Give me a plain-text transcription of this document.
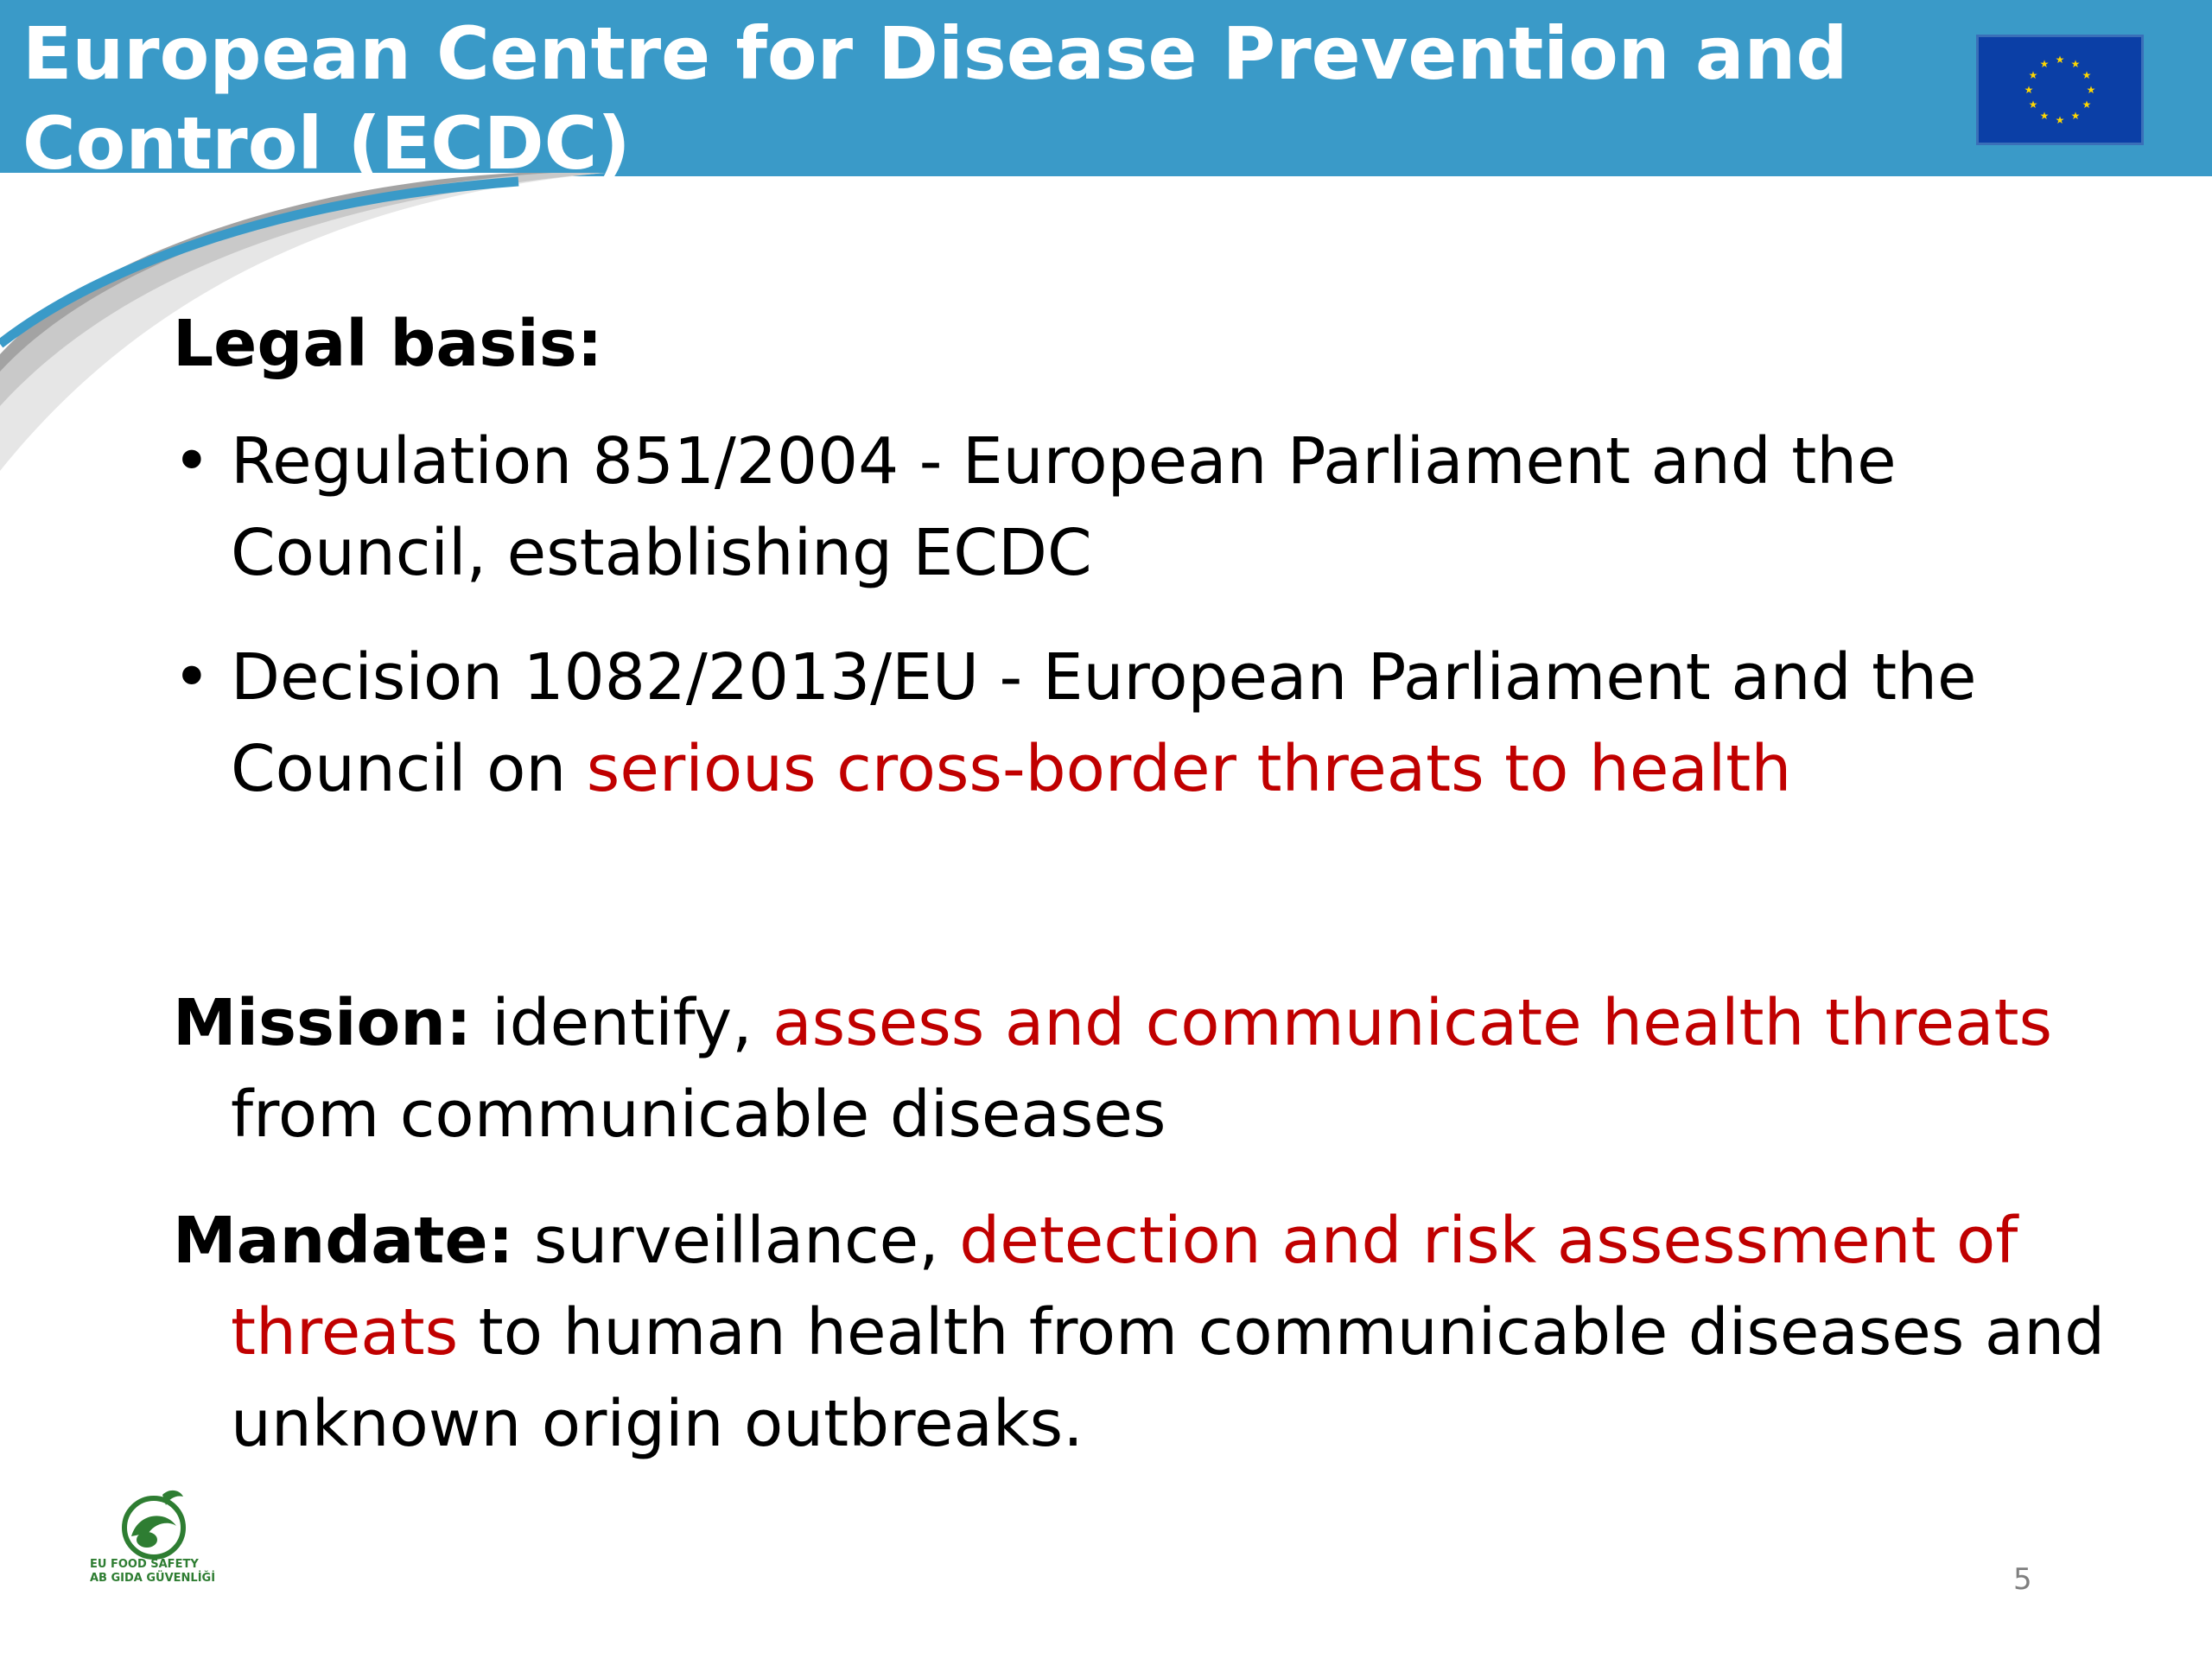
European Centre for Disease Prevention and Control (ECDC)
★ ★
★
★
★
★
★
★
★
★
★
★

Legal basis:

• Regulation 851/2004 - European Parliament and the Council, establishing ECDC
• Decision 1082/2013/EU - European Parliament and the Council on serious cross-border threats to health

Mission: identify, assess and communicate health threats from communicable diseases

Mandate: surveillance, detection and risk assessment of threats to human health from communicable diseases and unknown origin outbreaks.

EU FOOD SAFETY
AB GIDA GÜVENLİĞİ	5
